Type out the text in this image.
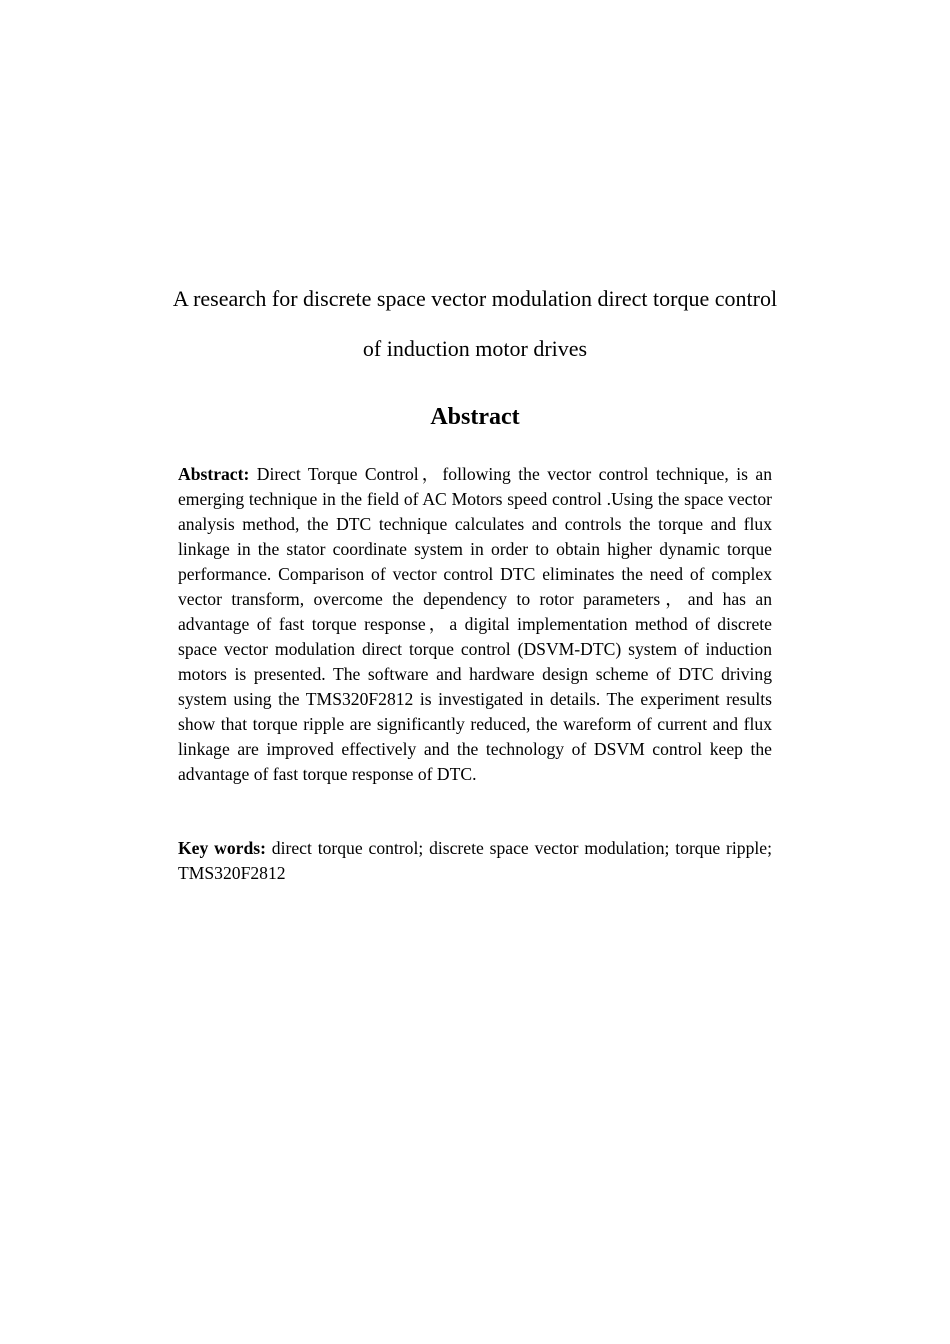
A research for discrete space vector modulation direct torque control
of induction motor drives
Abstract

Abstract: Direct Torque Control，following the vector control technique, is an emerging technique in the field of AC Motors speed control .Using the space vector analysis method, the DTC technique calculates and controls the torque and flux linkage in the stator coordinate system in order to obtain higher dynamic torque performance. Comparison of vector control DTC eliminates the need of complex vector transform, overcome the dependency to rotor parameters，and has an advantage of fast torque response，a digital implementation method of discrete space vector modulation direct torque control (DSVM-DTC) system of induction motors is presented. The software and hardware design scheme of DTC driving system using the TMS320F2812 is investigated in details. The experiment results show that torque ripple are significantly reduced, the wareform of current and flux linkage are improved effectively and the technology of DSVM control keep the advantage of fast torque response of DTC.

Key words: direct torque control; discrete space vector modulation; torque ripple; TMS320F2812
